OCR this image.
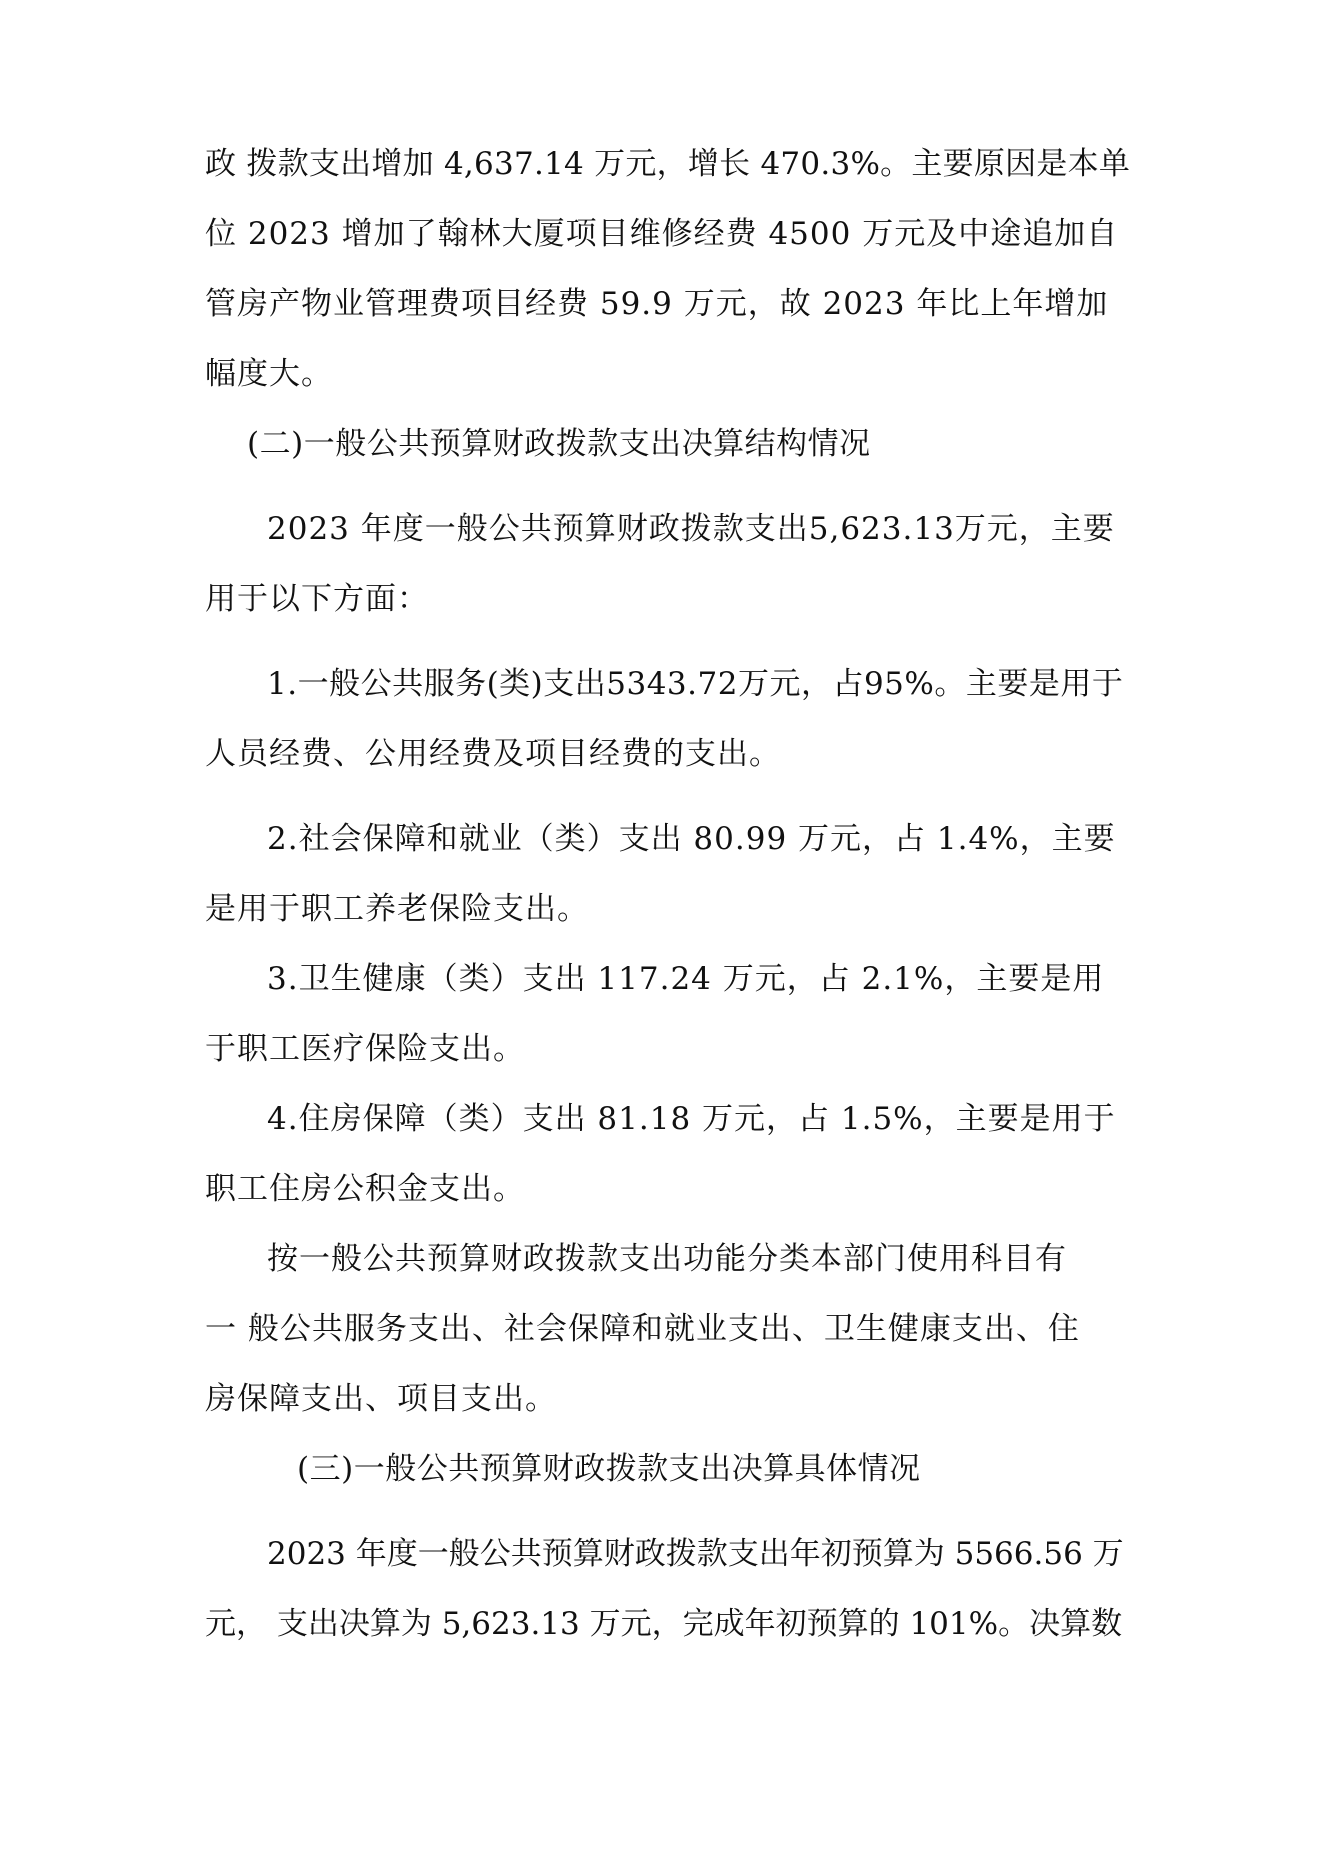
政 拨款支出增加 4,637.14 万元，增长 470.3%。主要原因是本单
位 2023 增加了翰林大厦项目维修经费 4500 万元及中途追加自
管房产物业管理费项目经费 59.9 万元，故 2023 年比上年增加
幅度大。
(二)一般公共预算财政拨款支出决算结构情况
2023 年度一般公共预算财政拨款支出5,623.13万元，主要
用于以下方面：
1.一般公共服务(类)支出5343.72万元，占95%。主要是用于
人员经费、公用经费及项目经费的支出。
2.社会保障和就业（类）支出 80.99 万元，占 1.4%，主要
是用于职工养老保险支出。
3.卫生健康（类）支出 117.24 万元，占 2.1%，主要是用
于职工医疗保险支出。
4.住房保障（类）支出 81.18 万元，占 1.5%，主要是用于
职工住房公积金支出。
按一般公共预算财政拨款支出功能分类本部门使用科目有
一 般公共服务支出、社会保障和就业支出、卫生健康支出、住
房保障支出、项目支出。
(三)一般公共预算财政拨款支出决算具体情况
2023 年度一般公共预算财政拨款支出年初预算为 5566.56 万
元， 支出决算为 5,623.13 万元，完成年初预算的 101%。决算数
